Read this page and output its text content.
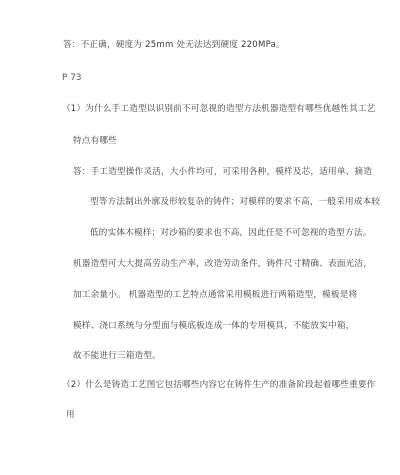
答：不正确，硬度为 25mm 处无法达到硬度 220MPa。
P 73
（1）为什么手工造型以识别前不可忽视的造型方法机器造型有哪些优越性其工艺
特点有哪些
答：手工造型操作灵活，大小件均可，可采用各种，模样及芯，适用单、摘造
型等方法制出外廓及形较复杂的铸件；对模样的要求不高，一般采用成本较
低的实体木模样；对沙箱的要求也不高，因此任是不可忽视的造型方法。
机器造型可大大提高劳动生产率，改造劳动条件，铸件尺寸精确、表面光洁，
加工余量小。 机器造型的工艺特点通常采用模板进行两箱造型，模板是将
模样、浇口系统与分型面与模底板连成一体的专用模具，不能放实中箱，
故不能进行三箱造型。
（2）什么是铸造工艺图它包括哪些内容它在铸件生产的准备阶段起着哪些重要作
用
